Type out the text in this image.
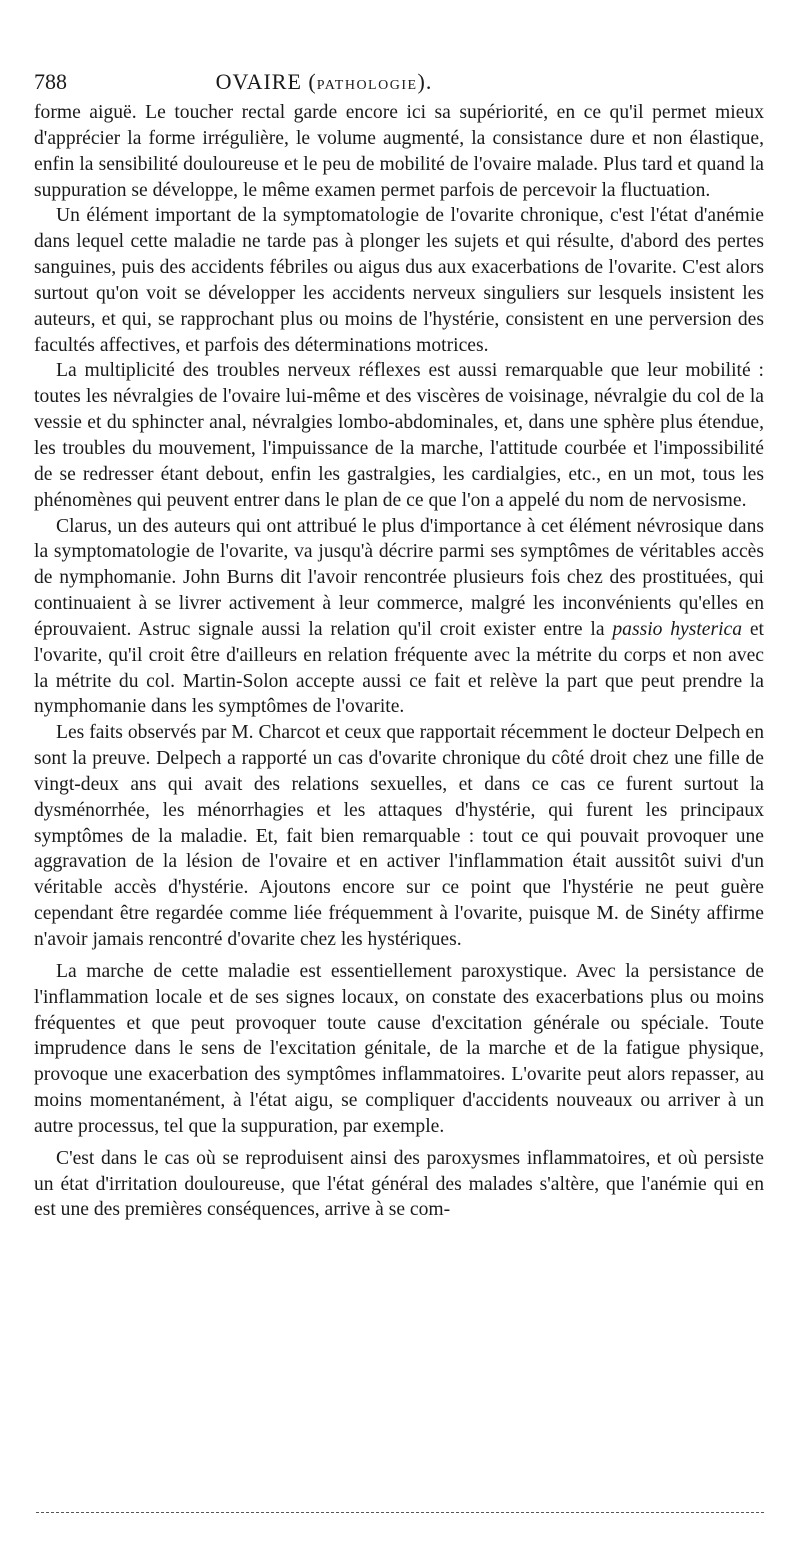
788	OVAIRE (PATHOLOGIE).

forme aiguë. Le toucher rectal garde encore ici sa supériorité, en ce qu'il permet mieux d'apprécier la forme irrégulière, le volume augmenté, la consistance dure et non élastique, enfin la sensibilité douloureuse et le peu de mobilité de l'ovaire malade. Plus tard et quand la suppuration se développe, le même examen permet parfois de percevoir la fluctuation.

Un élément important de la symptomatologie de l'ovarite chronique, c'est l'état d'anémie dans lequel cette maladie ne tarde pas à plonger les sujets et qui résulte, d'abord des pertes sanguines, puis des accidents fébriles ou aigus dus aux exacerbations de l'ovarite. C'est alors surtout qu'on voit se développer les accidents nerveux singuliers sur lesquels insistent les auteurs, et qui, se rapprochant plus ou moins de l'hystérie, consistent en une perversion des facultés affectives, et parfois des déterminations motrices.

La multiplicité des troubles nerveux réflexes est aussi remarquable que leur mobilité : toutes les névralgies de l'ovaire lui-même et des viscères de voisinage, névralgie du col de la vessie et du sphincter anal, névralgies lombo-abdominales, et, dans une sphère plus étendue, les troubles du mouvement, l'impuissance de la marche, l'attitude courbée et l'impossibilité de se redresser étant debout, enfin les gastralgies, les cardialgies, etc., en un mot, tous les phénomènes qui peuvent entrer dans le plan de ce que l'on a appelé du nom de nervosisme.

Clarus, un des auteurs qui ont attribué le plus d'importance à cet élément névrosique dans la symptomatologie de l'ovarite, va jusqu'à décrire parmi ses symptômes de véritables accès de nymphomanie. John Burns dit l'avoir rencontrée plusieurs fois chez des prostituées, qui continuaient à se livrer activement à leur commerce, malgré les inconvénients qu'elles en éprouvaient. Astruc signale aussi la relation qu'il croit exister entre la passio hysterica et l'ovarite, qu'il croit être d'ailleurs en relation fréquente avec la métrite du corps et non avec la métrite du col. Martin-Solon accepte aussi ce fait et relève la part que peut prendre la nymphomanie dans les symptômes de l'ovarite.

Les faits observés par M. Charcot et ceux que rapportait récemment le docteur Delpech en sont la preuve. Delpech a rapporté un cas d'ovarite chronique du côté droit chez une fille de vingt-deux ans qui avait des relations sexuelles, et dans ce cas ce furent surtout la dysménorrhée, les ménorrhagies et les attaques d'hystérie, qui furent les principaux symptômes de la maladie. Et, fait bien remarquable : tout ce qui pouvait provoquer une aggravation de la lésion de l'ovaire et en activer l'inflammation était aussitôt suivi d'un véritable accès d'hystérie. Ajoutons encore sur ce point que l'hystérie ne peut guère cependant être regardée comme liée fréquemment à l'ovarite, puisque M. de Sinéty affirme n'avoir jamais rencontré d'ovarite chez les hystériques.

La marche de cette maladie est essentiellement paroxystique. Avec la persistance de l'inflammation locale et de ses signes locaux, on constate des exacerbations plus ou moins fréquentes et que peut provoquer toute cause d'excitation générale ou spéciale. Toute imprudence dans le sens de l'excitation génitale, de la marche et de la fatigue physique, provoque une exacerbation des symptômes inflammatoires. L'ovarite peut alors repasser, au moins momentanément, à l'état aigu, se compliquer d'accidents nouveaux ou arriver à un autre processus, tel que la suppuration, par exemple.

C'est dans le cas où se reproduisent ainsi des paroxysmes inflammatoires, et où persiste un état d'irritation douloureuse, que l'état général des malades s'altère, que l'anémie qui en est une des premières conséquences, arrive à se com-
